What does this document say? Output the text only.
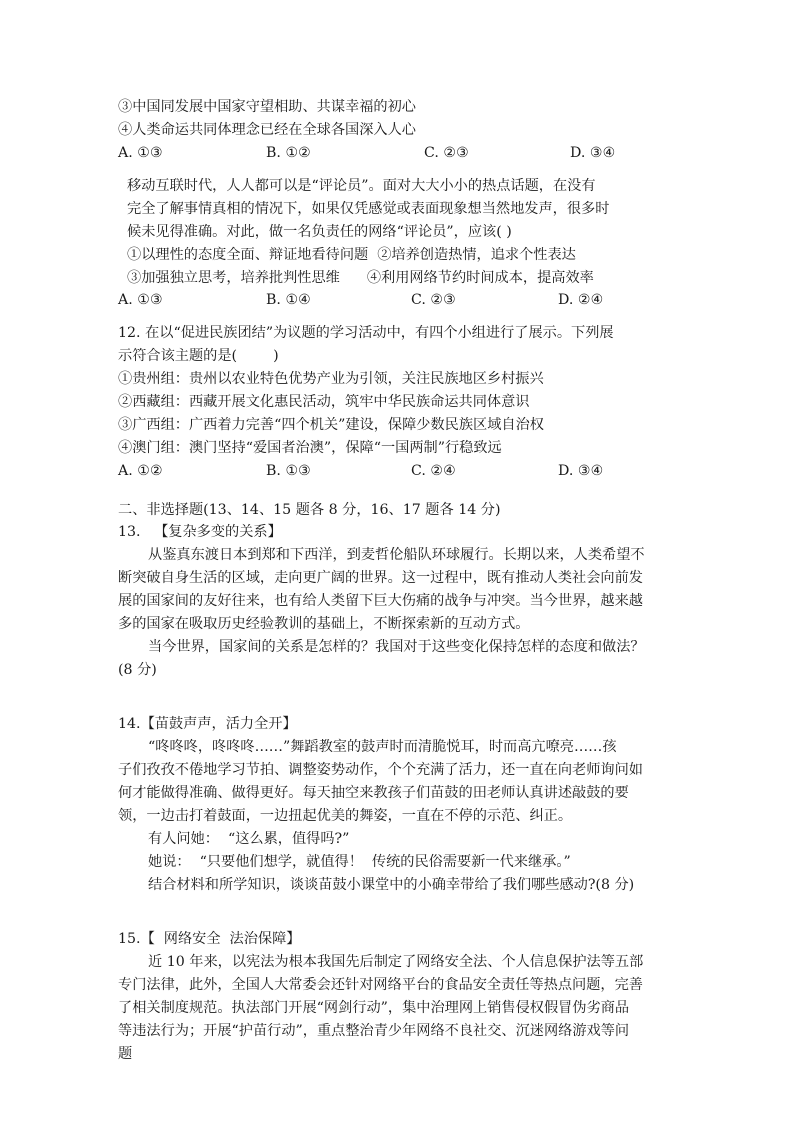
③中国同发展中国家守望相助、共谋幸福的初心
④人类命运共同体理念已经在全球各国深入人心
A. ①③	B. ①②	C. ②③	D. ③④
移动互联时代，人人都可以是“评论员”。面对大大小小的热点话题，在没有
完全了解事情真相的情况下，如果仅凭感觉或表面现象想当然地发声，很多时
候未见得准确。对此，做一名负责任的网络“评论员”，应该( )
①以理性的态度全面、辩证地看待问题  ②培养创造热情，追求个性表达
③加强独立思考，培养批判性思维      ④利用网络节约时间成本，提高效率
A. ①③	B. ①④	C. ②③	D. ②④
12. 在以“促进民族团结”为议题的学习活动中，有四个小组进行了展示。下列展
示符合该主题的是(        )
①贵州组：贵州以农业特色优势产业为引领，关注民族地区乡村振兴
②西藏组：西藏开展文化惠民活动，筑牢中华民族命运共同体意识
③广西组：广西着力完善“四个机关”建设，保障少数民族区域自治权
④澳门组：澳门坚持“爱国者治澳”，保障“一国两制”行稳致远
A. ①②	B. ①③	C. ②④	D. ③④
二、非选择题(13、14、15 题各 8 分，16、17 题各 14 分)
13.   【复杂多变的关系】
从鉴真东渡日本到郑和下西洋，到麦哲伦船队环球履行。长期以来，人类希望不
断突破自身生活的区域，走向更广阔的世界。这一过程中，既有推动人类社会向前发
展的国家间的友好往来，也有给人类留下巨大伤痛的战争与冲突。当今世界，越来越
多的国家在吸取历史经验教训的基础上，不断探索新的互动方式。
当今世界，国家间的关系是怎样的？我国对于这些变化保持怎样的态度和做法？
(8 分)
14.【苗鼓声声，活力全开】
“咚咚咚，咚咚咚……”舞蹈教室的鼓声时而清脆悦耳，时而高亢嘹亮……孩
子们孜孜不倦地学习节拍、调整姿势动作，个个充满了活力，还一直在向老师询问如
何才能做得准确、做得更好。每天抽空来教孩子们苗鼓的田老师认真讲述敲鼓的要
领，一边击打着鼓面，一边扭起优美的舞姿，一直在不停的示范、纠正。
有人问她：  “这么累，值得吗?”
她说：  “只要他们想学，就值得！  传统的民俗需要新一代来继承。”
结合材料和所学知识，谈谈苗鼓小课堂中的小确幸带给了我们哪些感动?(8 分)
15.【  网络安全  法治保障】
近 10 年来，以宪法为根本我国先后制定了网络安全法、个人信息保护法等五部
专门法律，此外，全国人大常委会还针对网络平台的食品安全责任等热点问题，完善
了相关制度规范。执法部门开展“网剑行动”，集中治理网上销售侵权假冒伪劣商品
等违法行为；开展“护苗行动”，重点整治青少年网络不良社交、沉迷网络游戏等问
题
